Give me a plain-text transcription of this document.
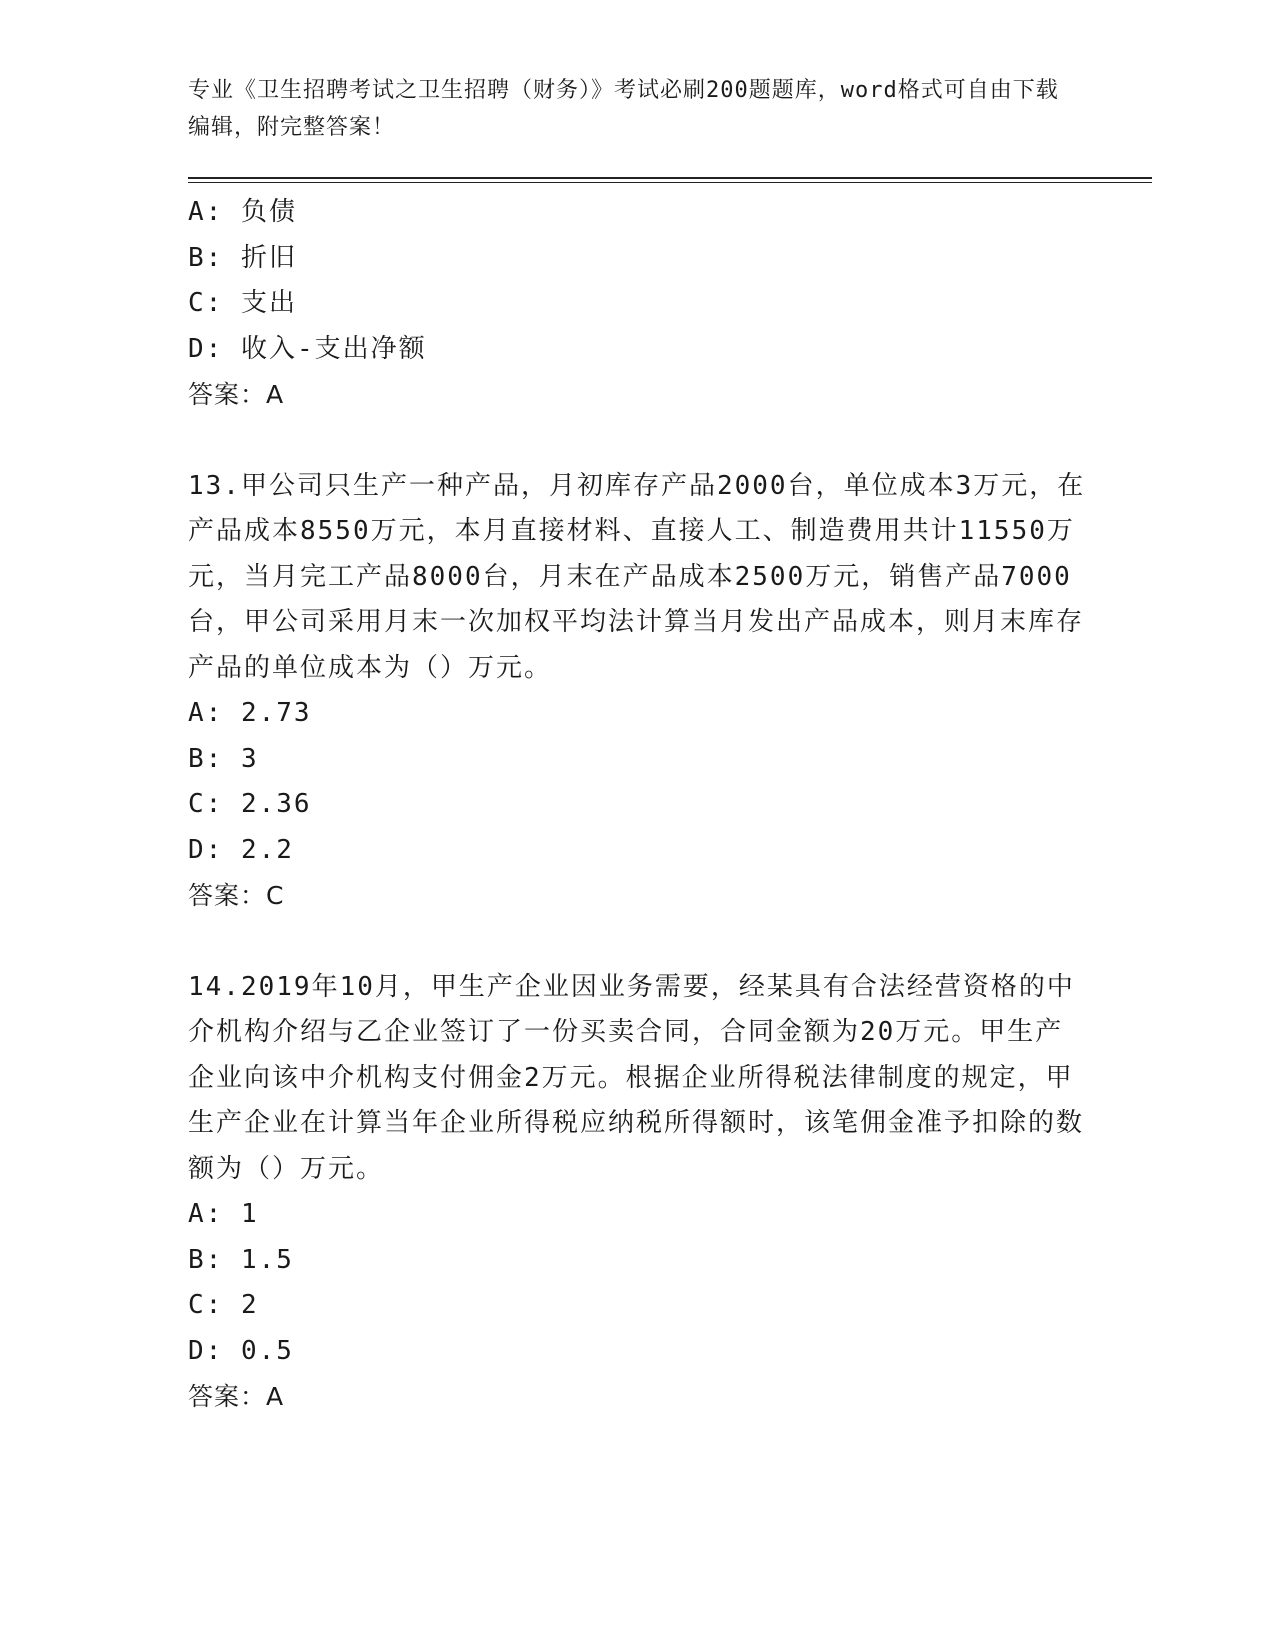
专业《卫生招聘考试之卫生招聘（财务）》考试必刷200题题库，word格式可自由下载编辑，附完整答案！
A: 负债
B: 折旧
C: 支出
D: 收入-支出净额
答案：A
13.甲公司只生产一种产品，月初库存产品2000台，单位成本3万元，在产品成本8550万元，本月直接材料、直接人工、制造费用共计11550万元，当月完工产品8000台，月末在产品成本2500万元，销售产品7000台，甲公司采用月末一次加权平均法计算当月发出产品成本，则月末库存产品的单位成本为（）万元。
A: 2.73
B: 3
C: 2.36
D: 2.2
答案：C
14.2019年10月，甲生产企业因业务需要，经某具有合法经营资格的中介机构介绍与乙企业签订了一份买卖合同，合同金额为20万元。甲生产企业向该中介机构支付佣金2万元。根据企业所得税法律制度的规定，甲生产企业在计算当年企业所得税应纳税所得额时，该笔佣金准予扣除的数额为（）万元。
A: 1
B: 1.5
C: 2
D: 0.5
答案：A
